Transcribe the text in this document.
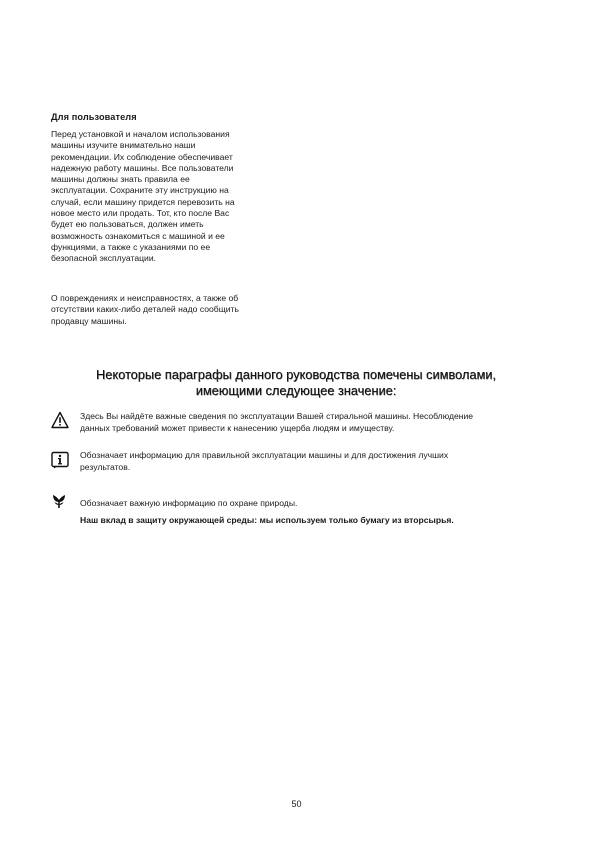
Для пользователя
Перед установкой и началом использования
машины изучите внимательно наши
рекомендации. Их соблюдение обеспечивает
надежную работу машины. Все пользователи
машины должны знать правила ее
эксплуатации. Сохраните эту инструкцию на
случай, если машину придется перевозить на
новое место или продать. Тот, кто после Вас
будет ею пользоваться, должен иметь
возможность ознакомиться с машиной и ее
функциями, а также с указаниями по ее
безопасной эксплуатации.
О повреждениях и неисправностях, а также об
отсутствии каких-либо деталей надо сообщить
продавцу машины.
Некоторые параграфы данного руководства помечены символами,
имеющими следующее значение:
Здесь Вы найдёте важные сведения по эксплуатации Вашей стиральной машины. Несоблюдение
данных требований может привести к нанесению ущерба людям и имуществу.
Обозначает информацию для правильной эксплуатации машины и для достижения лучших
результатов.
Обозначает важную информацию по охране природы.
Наш вклад в защиту окружающей среды: мы используем только бумагу из вторсырья.
50
